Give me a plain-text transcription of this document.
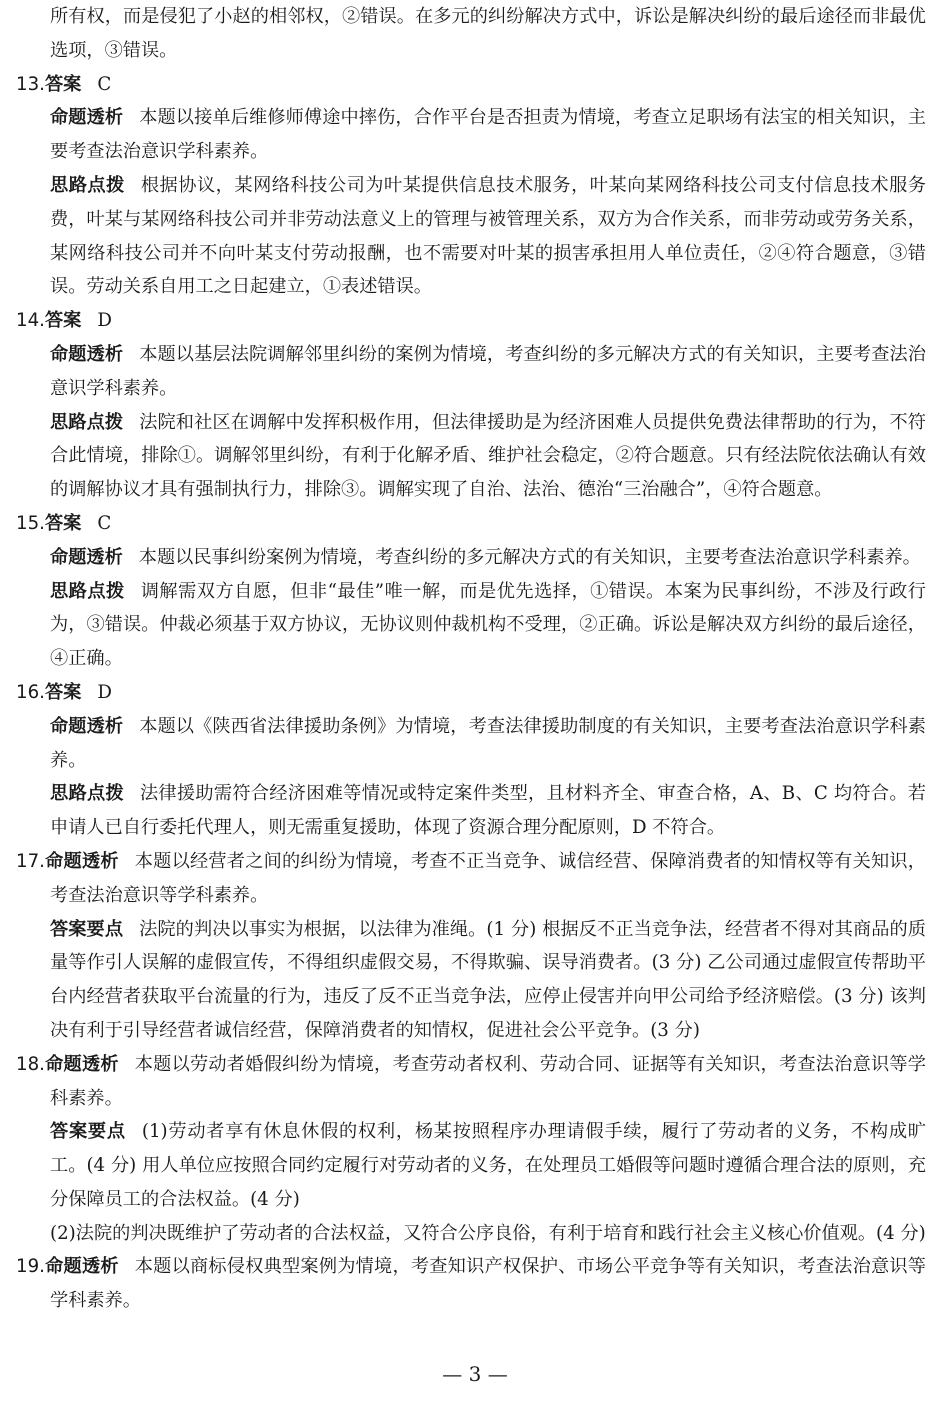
所有权，而是侵犯了小赵的相邻权，②错误。在多元的纠纷解决方式中，诉讼是解决纠纷的最后途径而非最优选项，③错误。

13.答案 C

命题透析 本题以接单后维修师傅途中摔伤，合作平台是否担责为情境，考查立足职场有法宝的相关知识，主要考查法治意识学科素养。

思路点拨 根据协议，某网络科技公司为叶某提供信息技术服务，叶某向某网络科技公司支付信息技术服务费，叶某与某网络科技公司并非劳动法意义上的管理与被管理关系，双方为合作关系，而非劳动或劳务关系，某网络科技公司并不向叶某支付劳动报酬，也不需要对叶某的损害承担用人单位责任，②④符合题意，③错误。劳动关系自用工之日起建立，①表述错误。

14.答案 D

命题透析 本题以基层法院调解邻里纠纷的案例为情境，考查纠纷的多元解决方式的有关知识，主要考查法治意识学科素养。

思路点拨 法院和社区在调解中发挥积极作用，但法律援助是为经济困难人员提供免费法律帮助的行为，不符合此情境，排除①。调解邻里纠纷，有利于化解矛盾、维护社会稳定，②符合题意。只有经法院依法确认有效的调解协议才具有强制执行力，排除③。调解实现了自治、法治、德治“三治融合”，④符合题意。

15.答案 C

命题透析 本题以民事纠纷案例为情境，考查纠纷的多元解决方式的有关知识，主要考查法治意识学科素养。

思路点拨 调解需双方自愿，但非“最佳”唯一解，而是优先选择，①错误。本案为民事纠纷，不涉及行政行为，③错误。仲裁必须基于双方协议，无协议则仲裁机构不受理，②正确。诉讼是解决双方纠纷的最后途径，④正确。

16.答案 D

命题透析 本题以《陕西省法律援助条例》为情境，考查法律援助制度的有关知识，主要考查法治意识学科素养。

思路点拨 法律援助需符合经济困难等情况或特定案件类型，且材料齐全、审查合格，A、B、C 均符合。若申请人已自行委托代理人，则无需重复援助，体现了资源合理分配原则，D 不符合。

17.命题透析 本题以经营者之间的纠纷为情境，考查不正当竞争、诚信经营、保障消费者的知情权等有关知识，考查法治意识等学科素养。

答案要点 法院的判决以事实为根据，以法律为准绳。(1 分) 根据反不正当竞争法，经营者不得对其商品的质量等作引人误解的虚假宣传，不得组织虚假交易，不得欺骗、误导消费者。(3 分) 乙公司通过虚假宣传帮助平台内经营者获取平台流量的行为，违反了反不正当竞争法，应停止侵害并向甲公司给予经济赔偿。(3 分) 该判决有利于引导经营者诚信经营，保障消费者的知情权，促进社会公平竞争。(3 分)

18.命题透析 本题以劳动者婚假纠纷为情境，考查劳动者权利、劳动合同、证据等有关知识，考查法治意识等学科素养。

答案要点 (1)劳动者享有休息休假的权利，杨某按照程序办理请假手续，履行了劳动者的义务，不构成旷工。(4 分) 用人单位应按照合同约定履行对劳动者的义务，在处理员工婚假等问题时遵循合理合法的原则，充分保障员工的合法权益。(4 分)

(2)法院的判决既维护了劳动者的合法权益，又符合公序良俗，有利于培育和践行社会主义核心价值观。(4 分)

19.命题透析 本题以商标侵权典型案例为情境，考查知识产权保护、市场公平竞争等有关知识，考查法治意识等学科素养。

— 3 —
